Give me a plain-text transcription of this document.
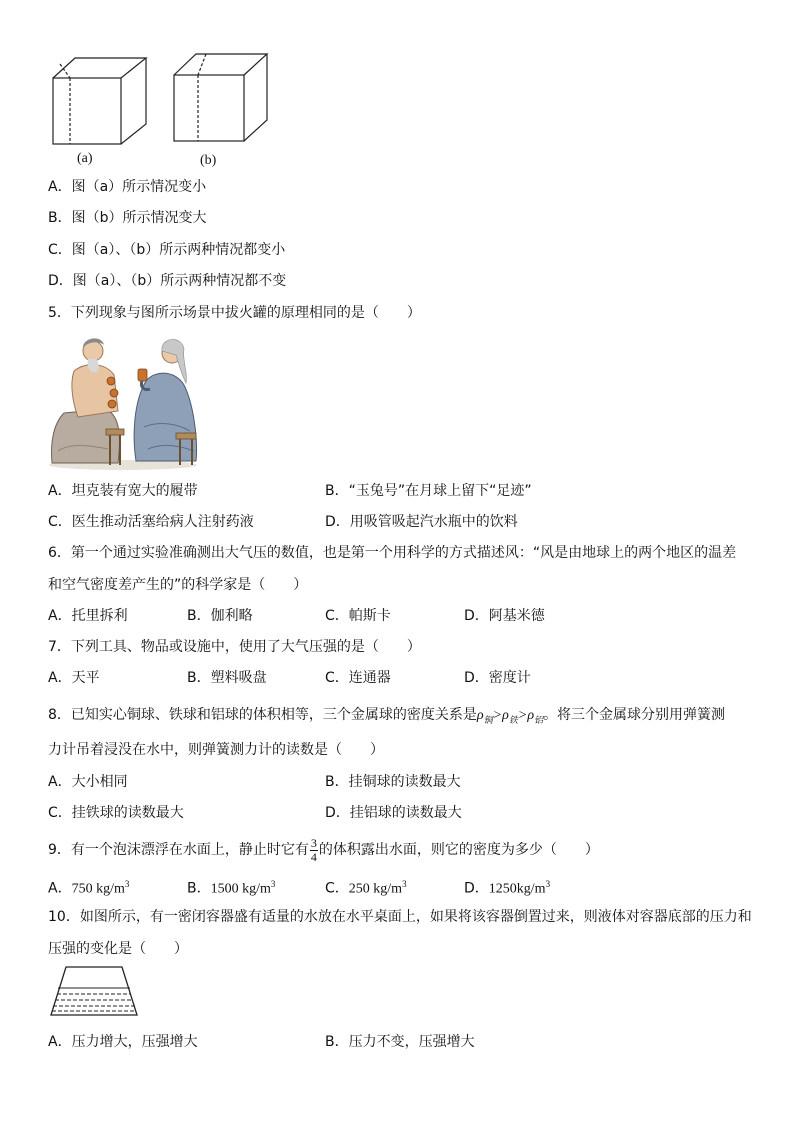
(a)	(b)
A．图（a）所示情况变小
B．图（b）所示情况变大
C．图（a）、（b）所示两种情况都变小
D．图（a）、（b）所示两种情况都不变
5．下列现象与图所示场景中拔火罐的原理相同的是（　　）
A．坦克装有宽大的履带	B．“玉兔号”在月球上留下“足迹”
C．医生推动活塞给病人注射药液	D．用吸管吸起汽水瓶中的饮料
6．第一个通过实验准确测出大气压的数值，也是第一个用科学的方式描述风：“风是由地球上的两个地区的温差
和空气密度差产生的”的科学家是（　　）
A．托里拆利	B．伽利略	C．帕斯卡	D．阿基米德
7．下列工具、物品或设施中，使用了大气压强的是（　　）
A．天平	B．塑料吸盘	C．连通器	D．密度计
8．已知实心铜球、铁球和铝球的体积相等，三个金属球的密度关系是$\rho_铜>\rho_铁>\rho_铝$。将三个金属球分别用弹簧测
力计吊着浸没在水中，则弹簧测力计的读数是（　　）
A．大小相同	B．挂铜球的读数最大
C．挂铁球的读数最大	D．挂铝球的读数最大
9．有一个泡沫漂浮在水面上，静止时它有 $\frac{3}{4}$ 的体积露出水面，则它的密度为多少（　　）
A．750 $kg/m^3$	B．1500 $kg/m^3$	C．250 $kg/m^3$	D．$1250kg/m^3$
10．如图所示，有一密闭容器盛有适量的水放在水平桌面上，如果将该容器倒置过来，则液体对容器底部的压力和
压强的变化是（　　）
A．压力增大，压强增大	B．压力不变，压强增大
